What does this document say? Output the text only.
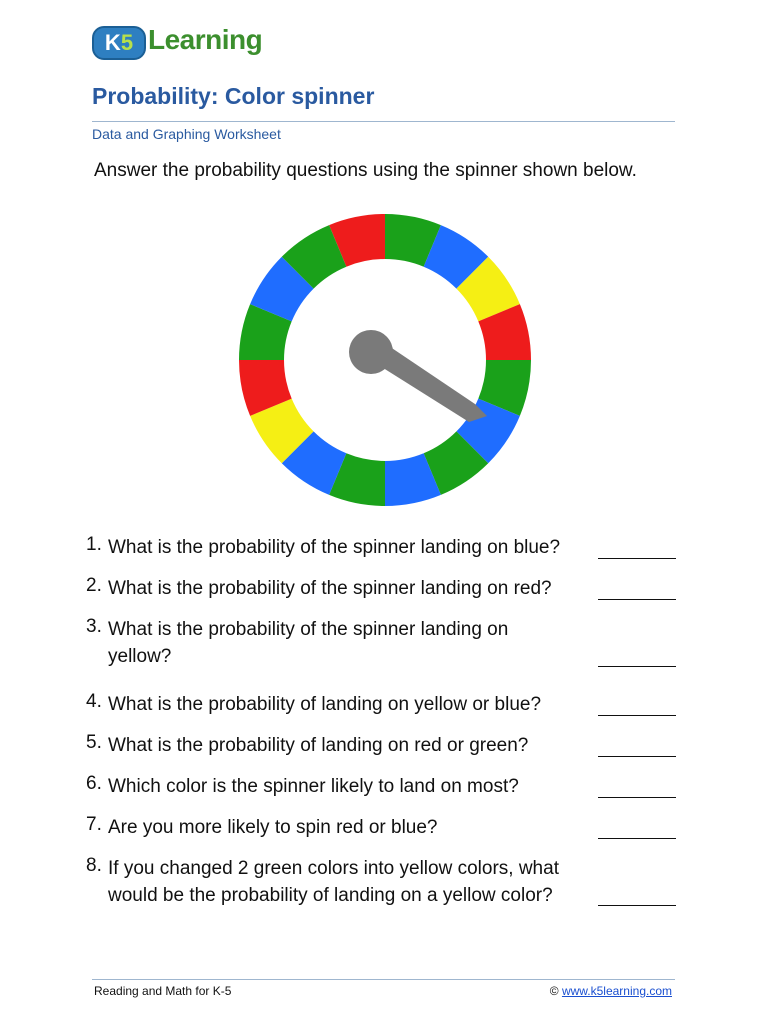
K5 Learning
Probability: Color spinner
Data and Graphing Worksheet
Answer the probability questions using the spinner shown below.
1. What is the probability of the spinner landing on blue?
2. What is the probability of the spinner landing on red?
3. What is the probability of the spinner landing on
yellow?
4. What is the probability of landing on yellow or blue?
5. What is the probability of landing on red or green?
6. Which color is the spinner likely to land on most?
7. Are you more likely to spin red or blue?
8. If you changed 2 green colors into yellow colors, what
would be the probability of landing on a yellow color?
Reading and Math for K-5	© www.k5learning.com
